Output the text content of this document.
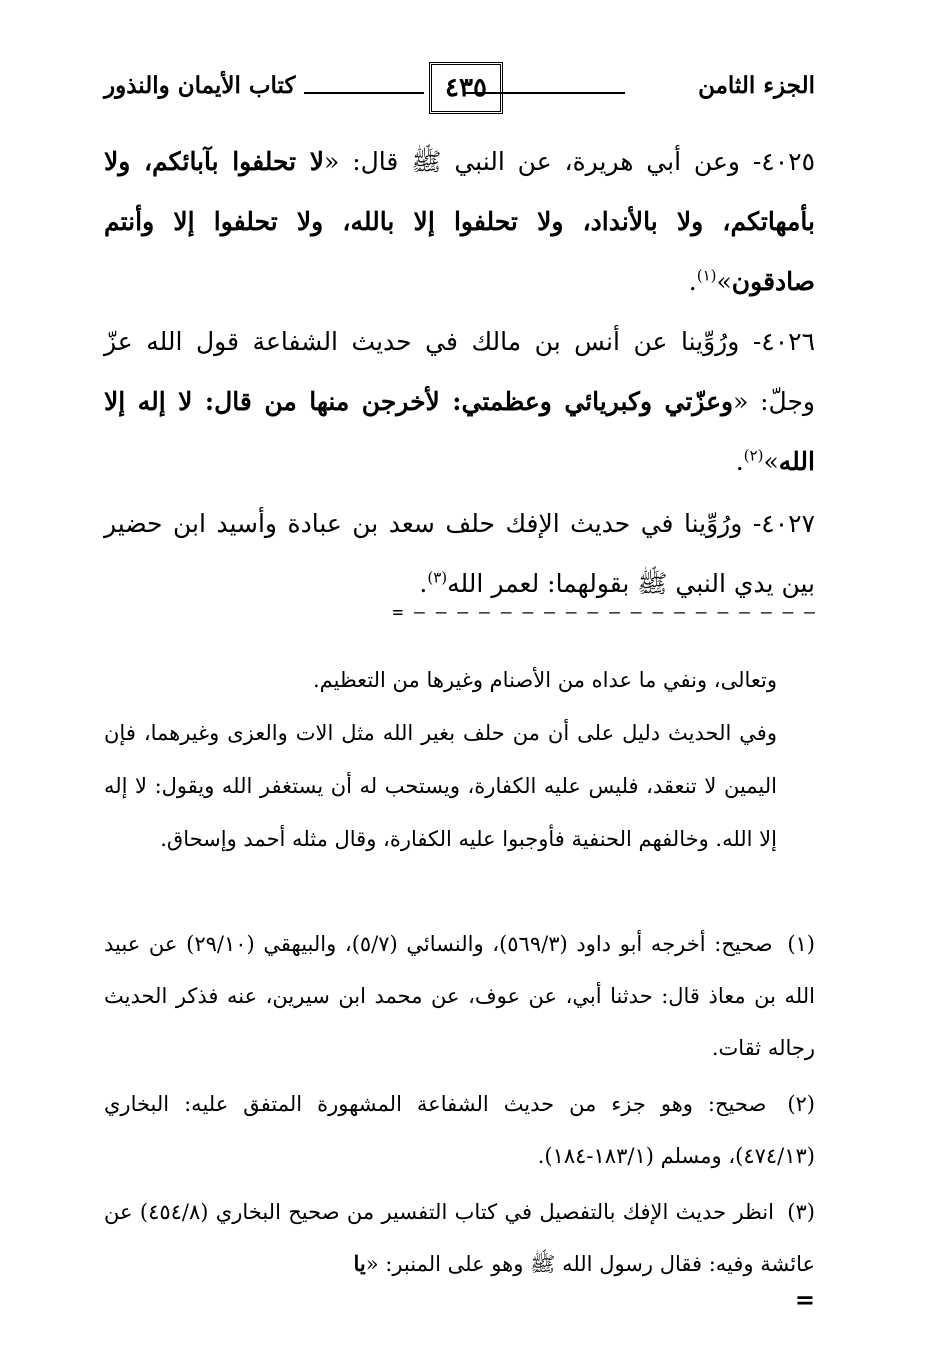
الجزء الثامن
٤٣٥
كتاب الأيمان والنذور
٤٠٢٥- وعن أبي هريرة، عن النبي ﷺ قال: «لا تحلفوا بآبائكم، ولا بأمهاتكم، ولا بالأنداد، ولا تحلفوا إلا بالله، ولا تحلفوا إلا وأنتم صادقون»$^{(١)}$.
٤٠٢٦- ورُوِّينا عن أنس بن مالك في حديث الشفاعة قول الله عزّ وجلّ: «وعزّتي وكبريائي وعظمتي: لأخرجن منها من قال: لا إله إلا الله»$^{(٢)}$.
٤٠٢٧- ورُوِّينا في حديث الإفك حلف سعد بن عبادة وأسيد ابن حضير بين يدي النبي ﷺ بقولهما: لعمر الله$^{(٣)}$.
= — — — — — — — — — — — — — — — — — — —
وتعالى، ونفي ما عداه من الأصنام وغيرها من التعظيم.
وفي الحديث دليل على أن من حلف بغير الله مثل الات والعزى وغيرهما، فإن اليمين لا تنعقد، فليس عليه الكفارة، ويستحب له أن يستغفر الله ويقول: لا إله إلا الله. وخالفهم الحنفية فأوجبوا عليه الكفارة، وقال مثله أحمد وإسحاق.
(١) صحيح: أخرجه أبو داود (٥٦٩/٣)، والنسائي (٥/٧)، والبيهقي (٢٩/١٠) عن عبيد الله بن معاذ قال: حدثنا أبي، عن عوف، عن محمد ابن سيرين، عنه فذكر الحديث رجاله ثقات.
(٢) صحيح: وهو جزء من حديث الشفاعة المشهورة المتفق عليه: البخاري (٤٧٤/١٣)، ومسلم (١٨٣/١-١٨٤).
(٣) انظر حديث الإفك بالتفصيل في كتاب التفسير من صحيح البخاري (٤٥٤/٨) عن عائشة وفيه: فقال رسول الله ﷺ وهو على المنبر: «يا
=
